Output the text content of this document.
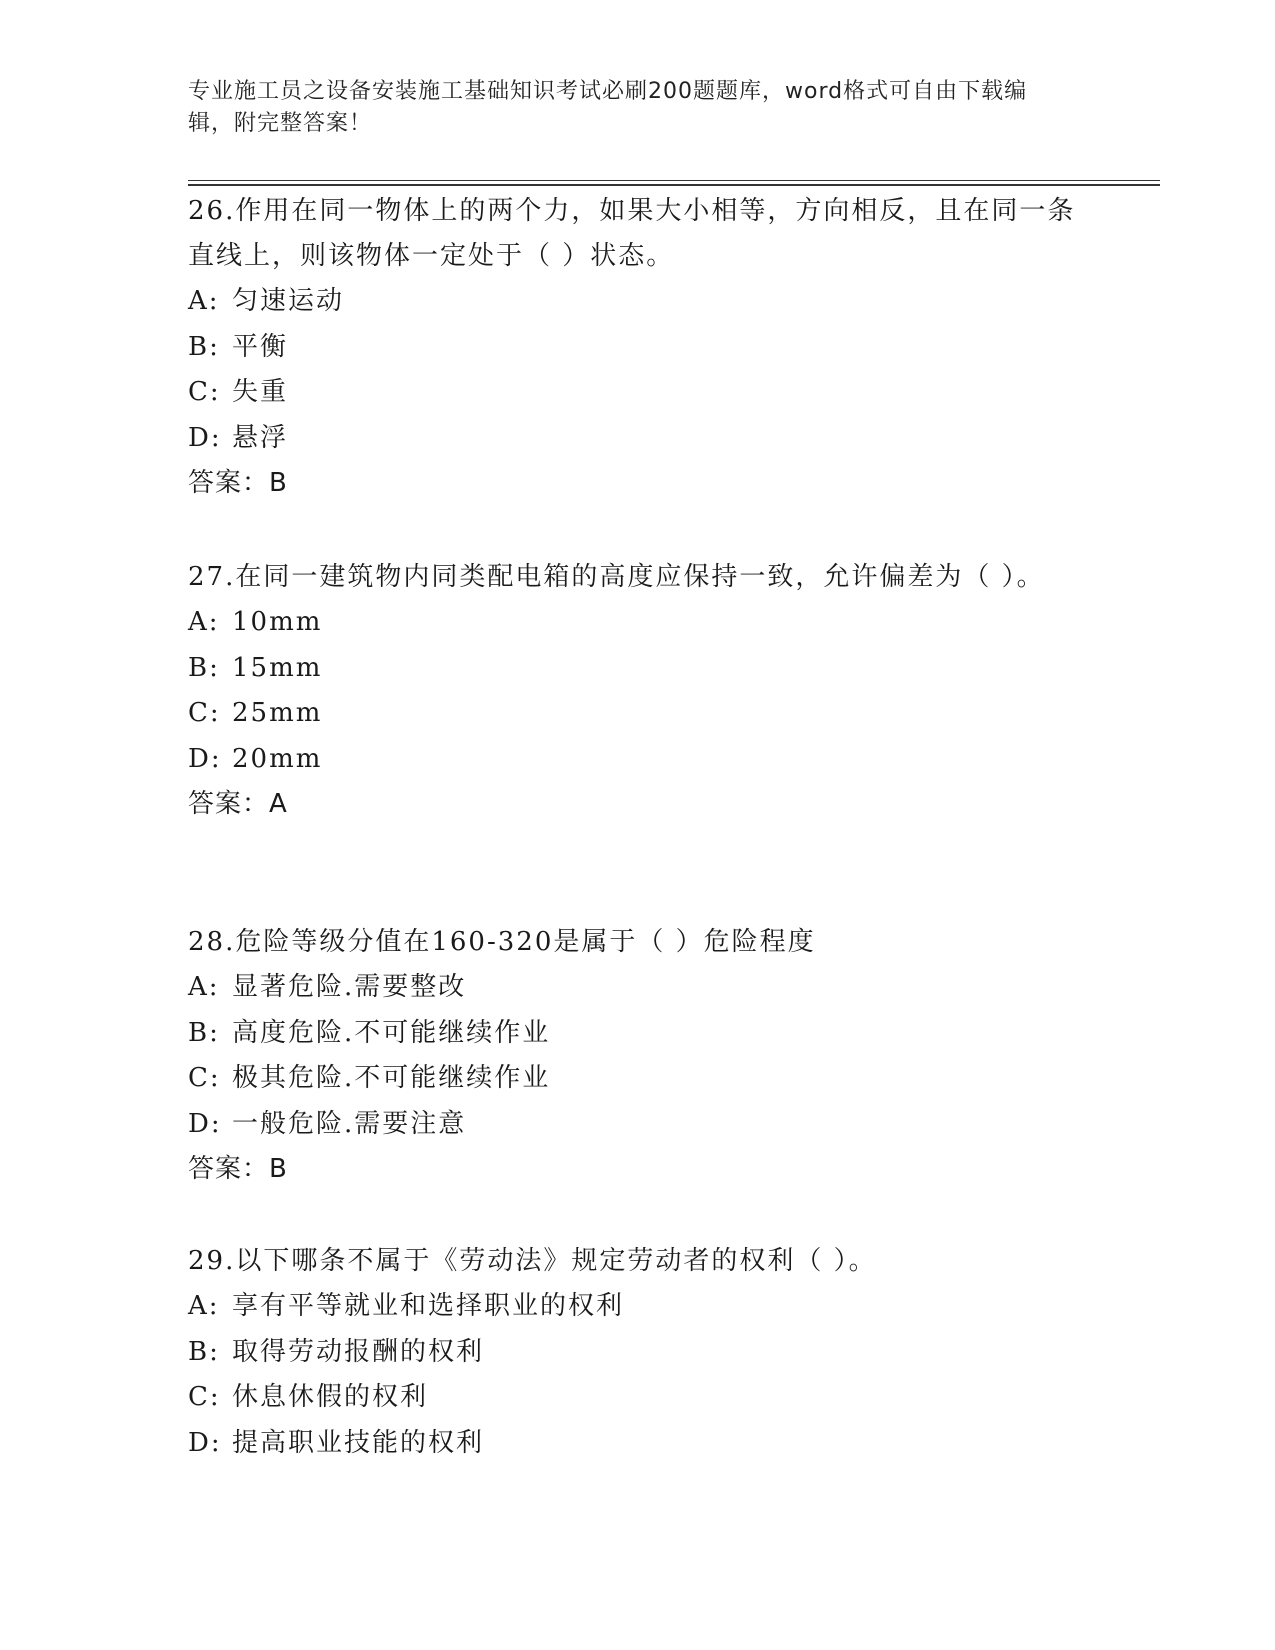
专业施工员之设备安装施工基础知识考试必刷200题题库，word格式可自由下载编辑，附完整答案！

26.作用在同一物体上的两个力，如果大小相等，方向相反，且在同一条直线上，则该物体一定处于（ ）状态。

A: 匀速运动

B: 平衡

C: 失重

D: 悬浮

答案：B

27.在同一建筑物内同类配电箱的高度应保持一致，允许偏差为（ ）。

A: 10mm

B: 15mm

C: 25mm

D: 20mm

答案：A

28.危险等级分值在160-320是属于（ ）危险程度

A: 显著危险.需要整改

B: 高度危险.不可能继续作业

C: 极其危险.不可能继续作业

D: 一般危险.需要注意

答案：B

29.以下哪条不属于《劳动法》规定劳动者的权利（ ）。

A: 享有平等就业和选择职业的权利

B: 取得劳动报酬的权利

C: 休息休假的权利

D: 提高职业技能的权利
